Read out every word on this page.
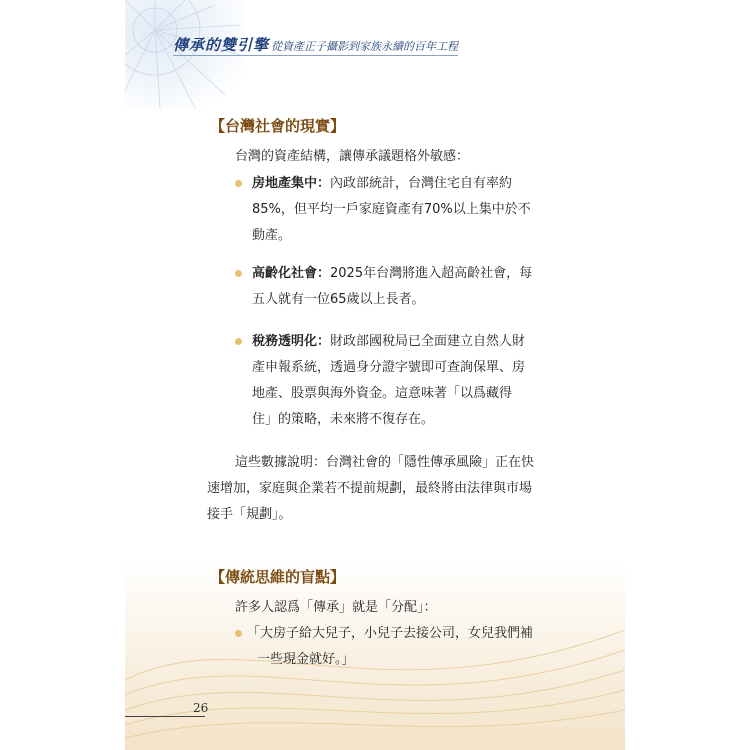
傳承的雙引擎 從資產正子攝影到家族永續的百年工程
【台灣社會的現實】
台灣的資產結構，讓傳承議題格外敏感：
房地產集中：內政部統計，台灣住宅自有率約
85%，但平均一戶家庭資產有70%以上集中於不
動產。
高齡化社會：2025年台灣將進入超高齡社會，每
五人就有一位65歲以上長者。
稅務透明化：財政部國稅局已全面建立自然人財
產申報系統，透過身分證字號即可查詢保單、房
地產、股票與海外資金。這意味著「以爲藏得
住」的策略，未來將不復存在。
這些數據說明：台灣社會的「隱性傳承風險」正在快
速增加，家庭與企業若不提前規劃，最終將由法律與市場
接手「規劃」。
【傳統思維的盲點】
許多人認爲「傳承」就是「分配」：
「大房子給大兒子，小兒子去接公司，女兒我們補
一些現金就好。」
26
